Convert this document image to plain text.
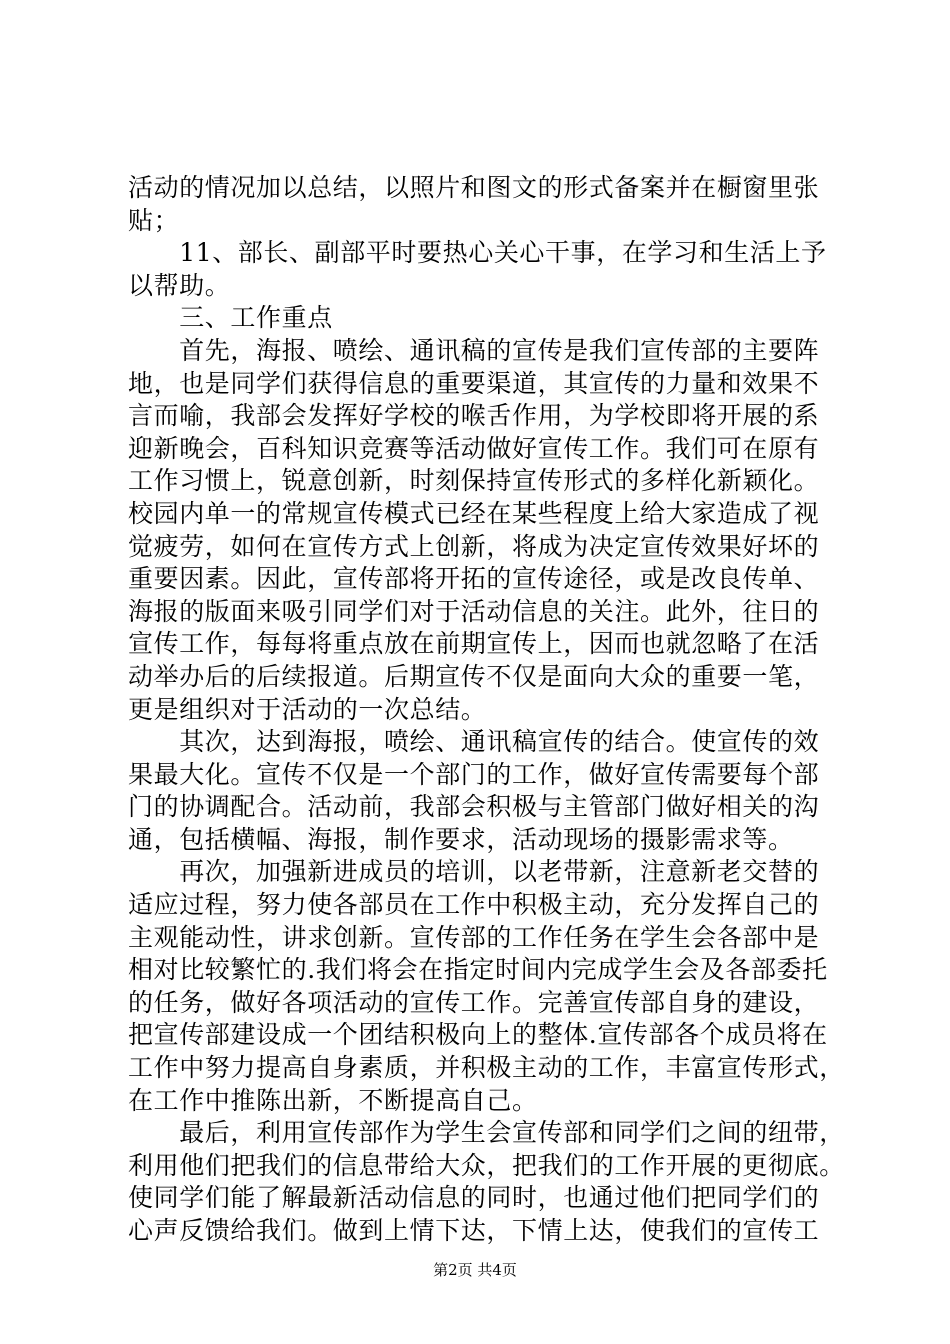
活动的情况加以总结，以照片和图文的形式备案并在橱窗里张
贴；
　　11、部长、副部平时要热心关心干事，在学习和生活上予
以帮助。
　　三、工作重点
　　首先，海报、喷绘、通讯稿的宣传是我们宣传部的主要阵
地，也是同学们获得信息的重要渠道，其宣传的力量和效果不
言而喻，我部会发挥好学校的喉舌作用，为学校即将开展的系
迎新晚会，百科知识竞赛等活动做好宣传工作。我们可在原有
工作习惯上，锐意创新，时刻保持宣传形式的多样化新颖化。
校园内单一的常规宣传模式已经在某些程度上给大家造成了视
觉疲劳，如何在宣传方式上创新，将成为决定宣传效果好坏的
重要因素。因此，宣传部将开拓的宣传途径，或是改良传单、
海报的版面来吸引同学们对于活动信息的关注。此外，往日的
宣传工作，每每将重点放在前期宣传上，因而也就忽略了在活
动举办后的后续报道。后期宣传不仅是面向大众的重要一笔，
更是组织对于活动的一次总结。
　　其次，达到海报，喷绘、通讯稿宣传的结合。使宣传的效
果最大化。宣传不仅是一个部门的工作，做好宣传需要每个部
门的协调配合。活动前，我部会积极与主管部门做好相关的沟
通，包括横幅、海报，制作要求，活动现场的摄影需求等。
　　再次，加强新进成员的培训，以老带新，注意新老交替的
适应过程，努力使各部员在工作中积极主动，充分发挥自己的
主观能动性，讲求创新。宣传部的工作任务在学生会各部中是
相对比较繁忙的.我们将会在指定时间内完成学生会及各部委托
的任务，做好各项活动的宣传工作。完善宣传部自身的建设，
把宣传部建设成一个团结积极向上的整体.宣传部各个成员将在
工作中努力提高自身素质，并积极主动的工作，丰富宣传形式，
在工作中推陈出新，不断提高自己。
　　最后，利用宣传部作为学生会宣传部和同学们之间的纽带，
利用他们把我们的信息带给大众，把我们的工作开展的更彻底。
使同学们能了解最新活动信息的同时，也通过他们把同学们的
心声反馈给我们。做到上情下达，下情上达，使我们的宣传工
第2页 共4页
